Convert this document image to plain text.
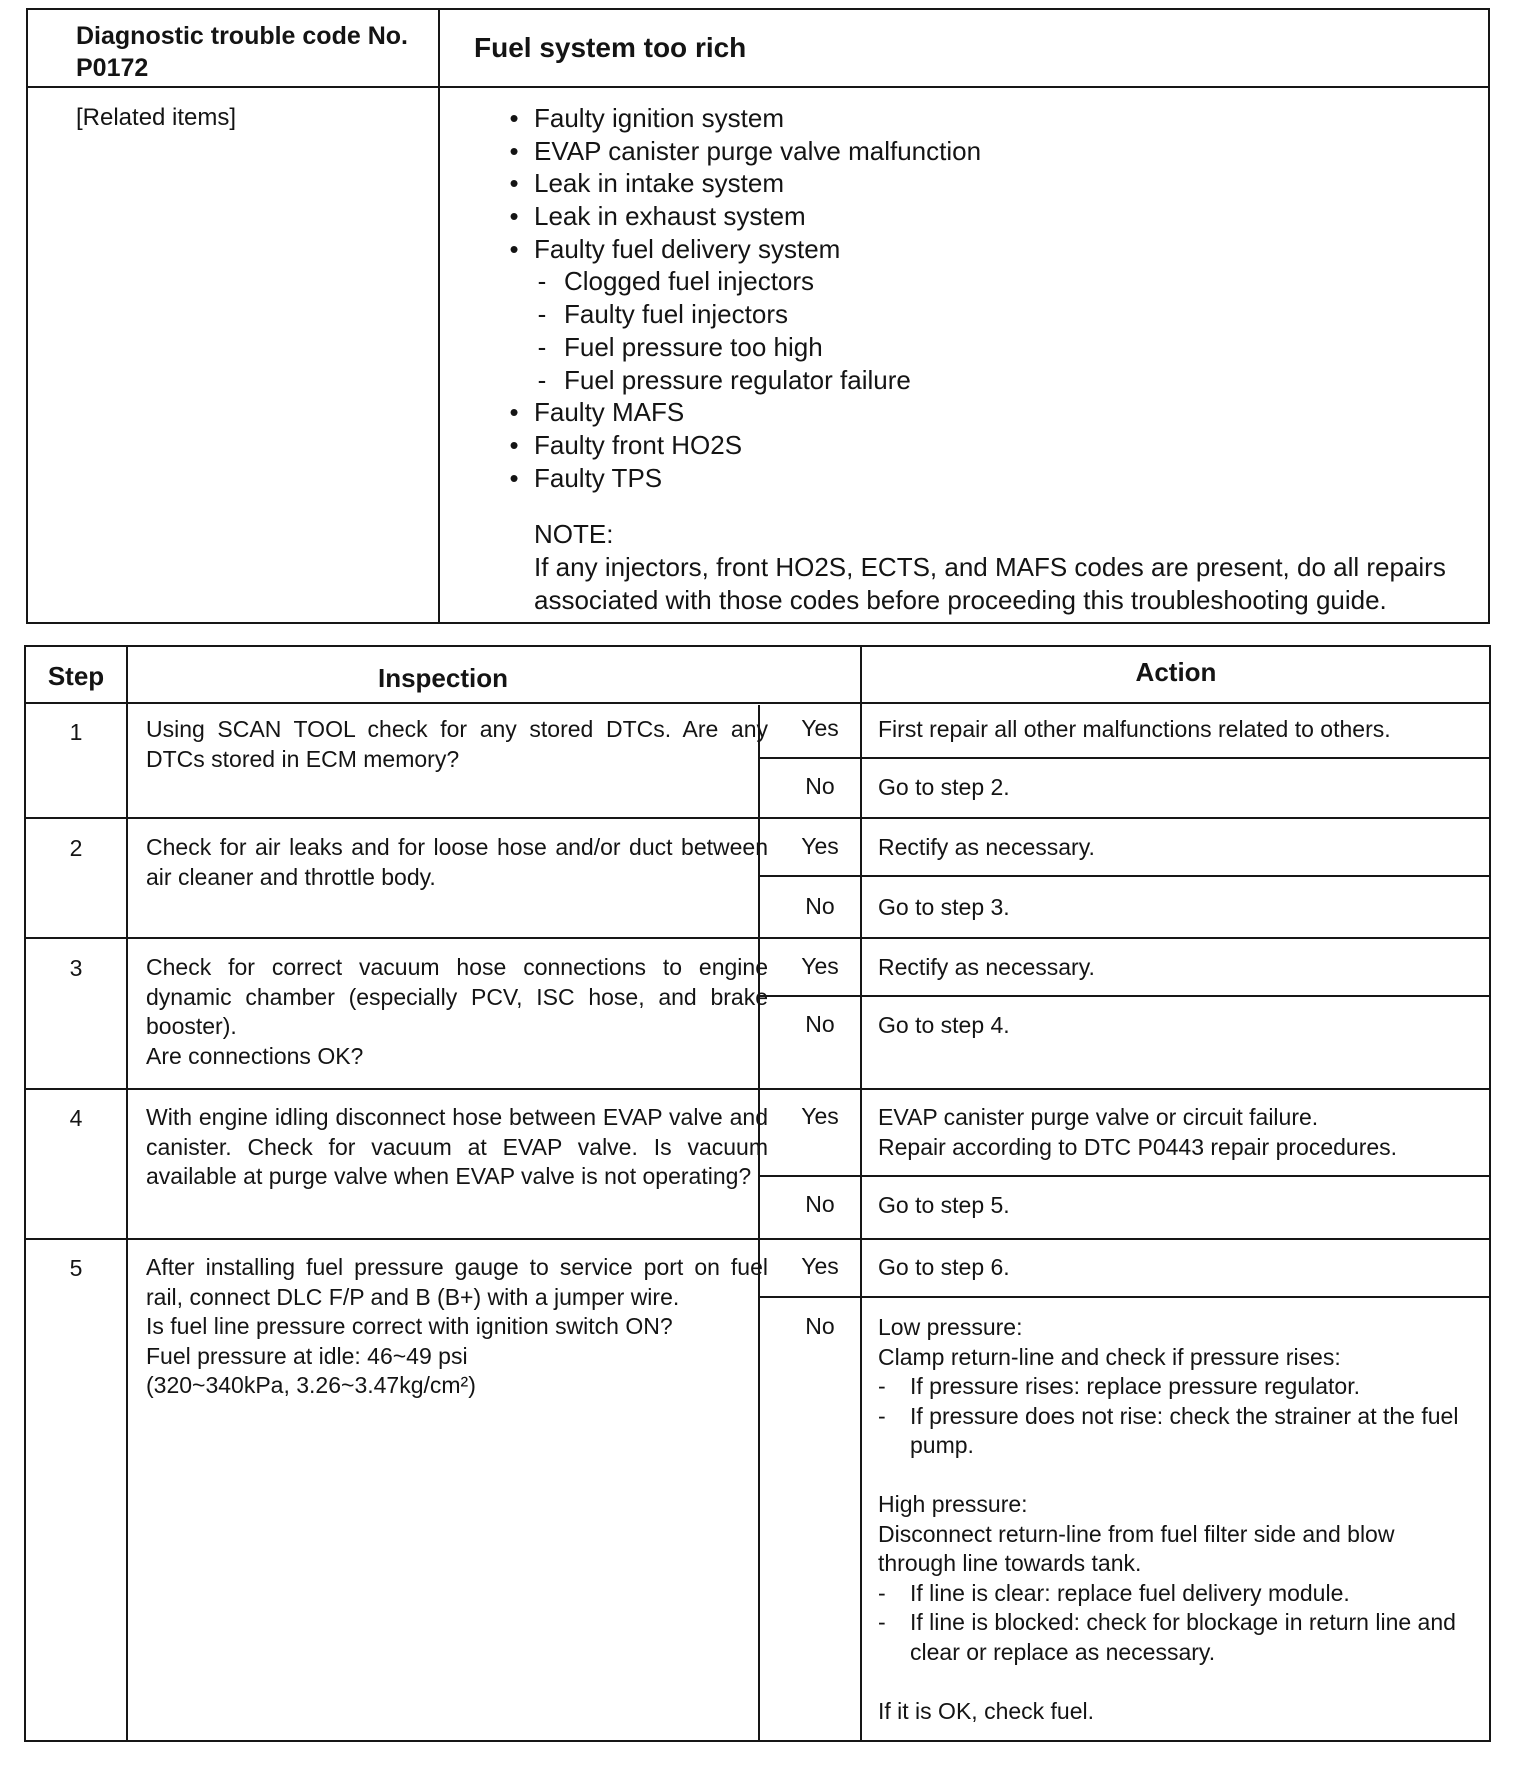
Diagnostic trouble code No. P0172
Fuel system too rich
[Related items]	• Faulty ignition system
• EVAP canister purge valve malfunction
• Leak in intake system
• Leak in exhaust system
• Faulty fuel delivery system
- Clogged fuel injectors
- Faulty fuel injectors
- Fuel pressure too high
- Fuel pressure regulator failure
• Faulty MAFS
• Faulty front HO2S
• Faulty TPS
NOTE:
If any injectors, front HO2S, ECTS, and MAFS codes are present, do all repairs associated with those codes before proceeding this troubleshooting guide.
Step	Inspection	Action
1	Using SCAN TOOL check for any stored DTCs. Are any DTCs stored in ECM memory?
Yes	First repair all other malfunctions related to others.
No	Go to step 2.
2	Check for air leaks and for loose hose and/or duct between air cleaner and throttle body.
Yes	Rectify as necessary.
No	Go to step 3.
3	Check for correct vacuum hose connections to engine dynamic chamber (especially PCV, ISC hose, and brake booster).
Are connections OK?
Yes	Rectify as necessary.
No	Go to step 4.
4	With engine idling disconnect hose between EVAP valve and canister. Check for vacuum at EVAP valve. Is vacuum available at purge valve when EVAP valve is not operating?
Yes	EVAP canister purge valve or circuit failure.
Repair according to DTC P0443 repair procedures.
No	Go to step 5.
5	After installing fuel pressure gauge to service port on fuel rail, connect DLC F/P and B (B+) with a jumper wire.
Is fuel line pressure correct with ignition switch ON?
Fuel pressure at idle: 46~49 psi
(320~340kPa, 3.26~3.47kg/cm²)
Yes	Go to step 6.
No	Low pressure:
Clamp return-line and check if pressure rises:
- If pressure rises: replace pressure regulator.
- If pressure does not rise: check the strainer at the fuel pump.
High pressure:
Disconnect return-line from fuel filter side and blow through line towards tank.
- If line is clear: replace fuel delivery module.
- If line is blocked: check for blockage in return line and clear or replace as necessary.
If it is OK, check fuel.
